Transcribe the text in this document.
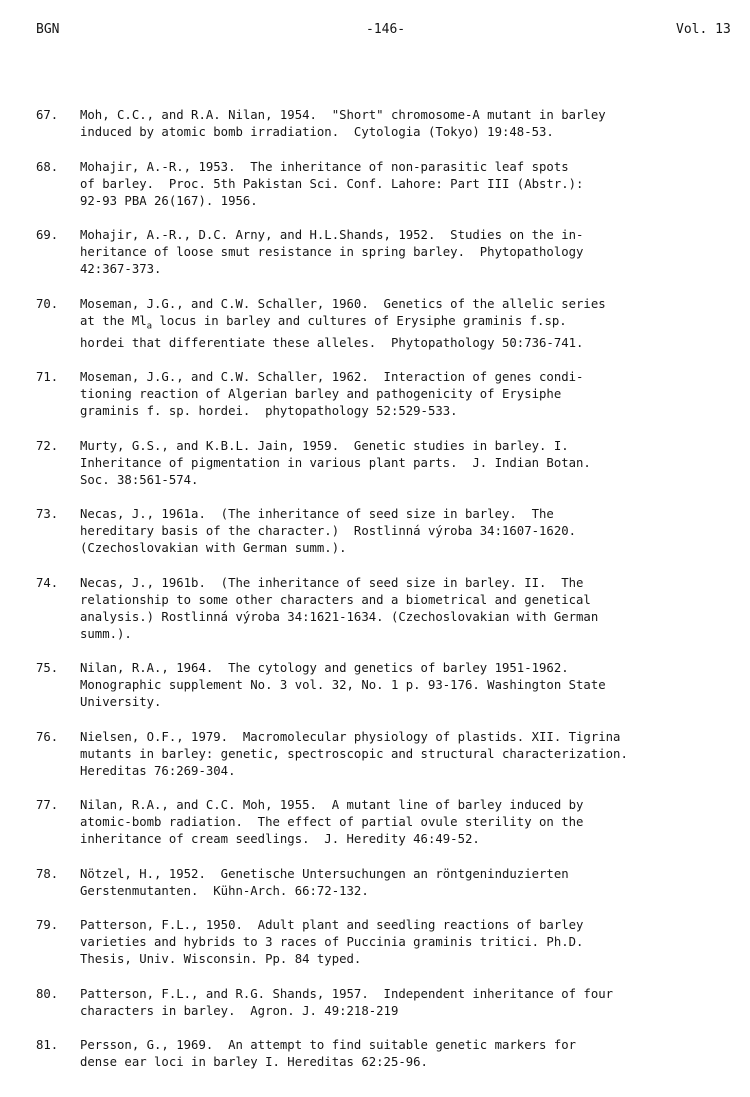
BGN	-146-	Vol. 13
67.	Moh, C.C., and R.A. Nilan, 1954.  "Short" chromosome-A mutant in barley
induced by atomic bomb irradiation.  Cytologia (Tokyo) 19:48-53.
68.	Mohajir, A.-R., 1953.  The inheritance of non-parasitic leaf spots
of barley.  Proc. 5th Pakistan Sci. Conf. Lahore: Part III (Abstr.):
92-93 PBA 26(167). 1956.
69.	Mohajir, A.-R., D.C. Arny, and H.L.Shands, 1952.  Studies on the in-
heritance of loose smut resistance in spring barley.  Phytopathology
42:367-373.
70.	Moseman, J.G., and C.W. Schaller, 1960.  Genetics of the allelic series
at the $Ml_a$ locus in barley and cultures of Erysiphe graminis f.sp.
hordei that differentiate these alleles.  Phytopathology 50:736-741.
71.	Moseman, J.G., and C.W. Schaller, 1962.  Interaction of genes condi-
tioning reaction of Algerian barley and pathogenicity of Erysiphe
graminis f. sp. hordei.  phytopathology 52:529-533.
72.	Murty, G.S., and K.B.L. Jain, 1959.  Genetic studies in barley. I.
Inheritance of pigmentation in various plant parts.  J. Indian Botan.
Soc. 38:561-574.
73.	Necas, J., 1961a.  (The inheritance of seed size in barley.  The
hereditary basis of the character.)  Rostlinná výroba 34:1607-1620.
(Czechoslovakian with German summ.).
74.	Necas, J., 1961b.  (The inheritance of seed size in barley. II.  The
relationship to some other characters and a biometrical and genetical
analysis.) Rostlinná výroba 34:1621-1634. (Czechoslovakian with German
summ.).
75.	Nilan, R.A., 1964.  The cytology and genetics of barley 1951-1962.
Monographic supplement No. 3 vol. 32, No. 1 p. 93-176. Washington State
University.
76.	Nielsen, O.F., 1979.  Macromolecular physiology of plastids. XII. Tigrina
mutants in barley: genetic, spectroscopic and structural characterization.
Hereditas 76:269-304.
77.	Nilan, R.A., and C.C. Moh, 1955.  A mutant line of barley induced by
atomic-bomb radiation.  The effect of partial ovule sterility on the
inheritance of cream seedlings.  J. Heredity 46:49-52.
78.	Nötzel, H., 1952.  Genetische Untersuchungen an röntgeninduzierten
Gerstenmutanten.  Kühn-Arch. 66:72-132.
79.	Patterson, F.L., 1950.  Adult plant and seedling reactions of barley
varieties and hybrids to 3 races of Puccinia graminis tritici. Ph.D.
Thesis, Univ. Wisconsin. Pp. 84 typed.
80.	Patterson, F.L., and R.G. Shands, 1957.  Independent inheritance of four
characters in barley.  Agron. J. 49:218-219
81.	Persson, G., 1969.  An attempt to find suitable genetic markers for
dense ear loci in barley I. Hereditas 62:25-96.
